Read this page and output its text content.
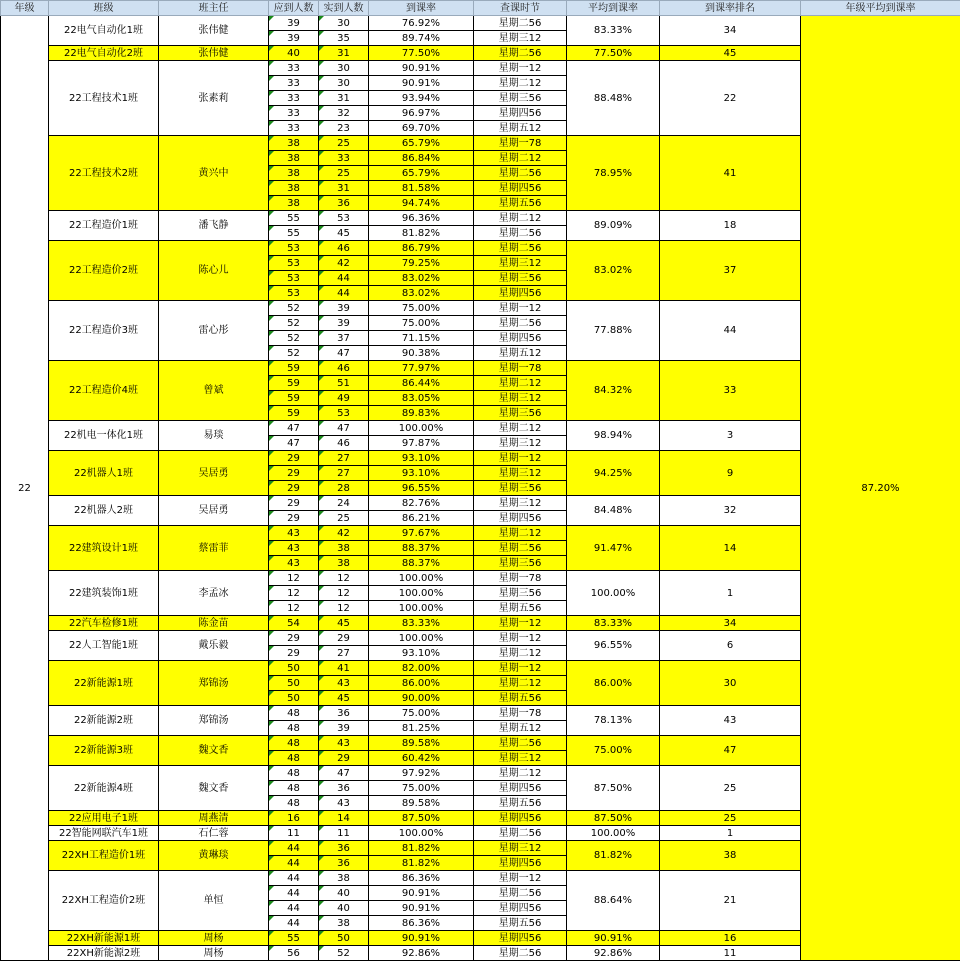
年级	班级	班主任	应到人数	实到人数	到课率	查课时节	平均到课率	到课率排名	年级平均到课率
22	22电气自动化1班	张伟健	39	30	76.92%	星期二56	83.33%	34	87.20%
			39	35	89.74%	星期三12			
	22电气自动化2班	张伟健	40	31	77.50%	星期二56	77.50%	45	
	22工程技术1班	张素莉	33	30	90.91%	星期一12	88.48%	22	
			33	30	90.91%	星期二12			
			33	31	93.94%	星期三56			
			33	32	96.97%	星期四56			
			33	23	69.70%	星期五12			
	22工程技术2班	黄兴中	38	25	65.79%	星期一78	78.95%	41	
			38	33	86.84%	星期二12			
			38	25	65.79%	星期二56			
			38	31	81.58%	星期四56			
			38	36	94.74%	星期五56			
	22工程造价1班	潘飞静	55	53	96.36%	星期二12	89.09%	18	
			55	45	81.82%	星期二56			
	22工程造价2班	陈心儿	53	46	86.79%	星期二56	83.02%	37	
			53	42	79.25%	星期三12			
			53	44	83.02%	星期三56			
			53	44	83.02%	星期四56			
	22工程造价3班	雷心彤	52	39	75.00%	星期一12	77.88%	44	
			52	39	75.00%	星期二56			
			52	37	71.15%	星期四56			
			52	47	90.38%	星期五12			
	22工程造价4班	曾斌	59	46	77.97%	星期一78	84.32%	33	
			59	51	86.44%	星期二12			
			59	49	83.05%	星期三12			
			59	53	89.83%	星期三56			
	22机电一体化1班	易琰	47	47	100.00%	星期二12	98.94%	3	
			47	46	97.87%	星期三12			
	22机器人1班	吴居勇	29	27	93.10%	星期一12	94.25%	9	
			29	27	93.10%	星期三12			
			29	28	96.55%	星期三56			
	22机器人2班	吴居勇	29	24	82.76%	星期三12	84.48%	32	
			29	25	86.21%	星期四56			
	22建筑设计1班	蔡雷菲	43	42	97.67%	星期二12	91.47%	14	
			43	38	88.37%	星期二56			
			43	38	88.37%	星期三56			
	22建筑装饰1班	李孟冰	12	12	100.00%	星期一78	100.00%	1	
			12	12	100.00%	星期三56			
			12	12	100.00%	星期五56			
	22汽车检修1班	陈金苗	54	45	83.33%	星期一12	83.33%	34	
	22人工智能1班	戴乐毅	29	29	100.00%	星期一12	96.55%	6	
			29	27	93.10%	星期二12			
	22新能源1班	郑锦汤	50	41	82.00%	星期一12	86.00%	30	
			50	43	86.00%	星期二12			
			50	45	90.00%	星期五56			
	22新能源2班	郑锦汤	48	36	75.00%	星期一78	78.13%	43	
			48	39	81.25%	星期五12			
	22新能源3班	魏文香	48	43	89.58%	星期二56	75.00%	47	
			48	29	60.42%	星期三12			
	22新能源4班	魏文香	48	47	97.92%	星期二12	87.50%	25	
			48	36	75.00%	星期四56			
			48	43	89.58%	星期五56			
	22应用电子1班	周燕清	16	14	87.50%	星期四56	87.50%	25	
	22智能网联汽车1班	石仁蓉	11	11	100.00%	星期二56	100.00%	1	
	22XH工程造价1班	黄琳琰	44	36	81.82%	星期三12	81.82%	38	
			44	36	81.82%	星期四56			
	22XH工程造价2班	单恒	44	38	86.36%	星期一12	88.64%	21	
			44	40	90.91%	星期二56			
			44	40	90.91%	星期四56			
			44	38	86.36%	星期五56			
	22XH新能源1班	周杨	55	50	90.91%	星期四56	90.91%	16	
	22XH新能源2班	周杨	56	52	92.86%	星期二56	92.86%	11	
